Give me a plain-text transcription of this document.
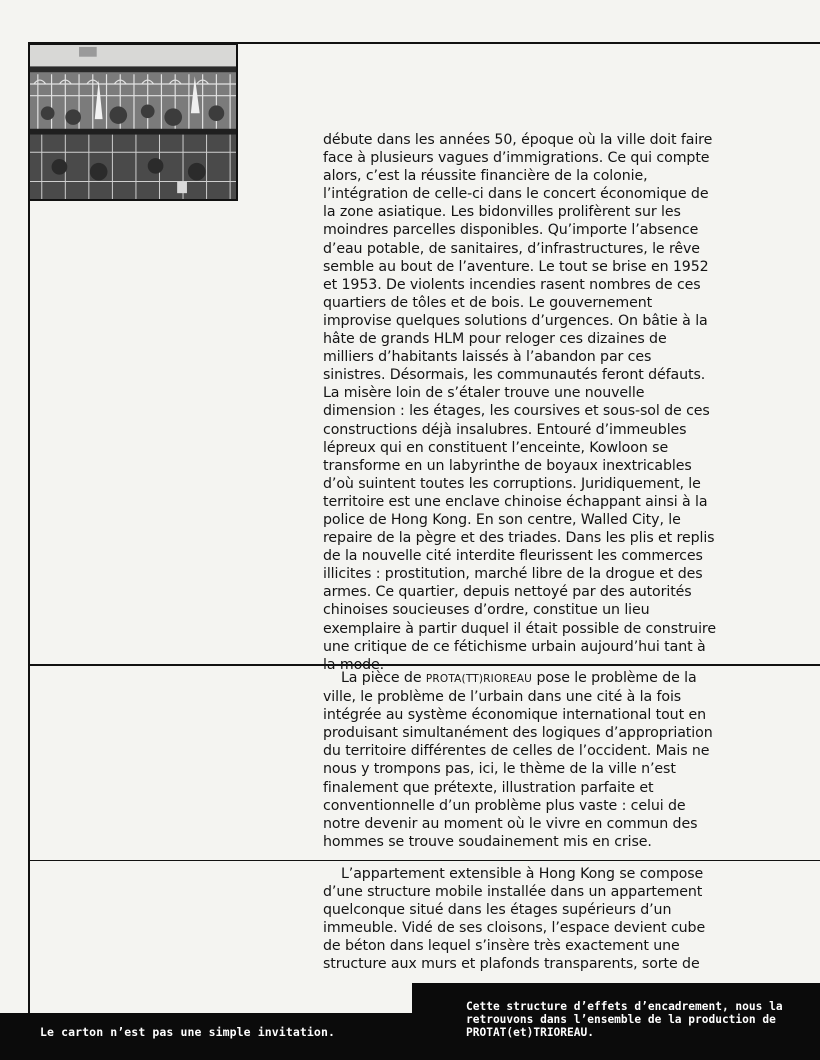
débute dans les années 50, époque où la ville doit faire face à plusieurs vagues d’immigrations. Ce qui compte alors, c’est la réussite financière de la colonie, l’intégration de celle-ci dans le concert économique de la zone asiatique. Les bidonvilles prolifèrent sur les moindres parcelles disponibles. Qu’importe l’absence d’eau potable, de sanitaires, d’infrastructures, le rêve semble au bout de l’aventure. Le tout se brise en 1952 et 1953. De violents incendies rasent nombres de ces quartiers de tôles et de bois. Le gouvernement improvise quelques solutions d’urgences. On bâtie à la hâte de grands HLM pour reloger ces dizaines de milliers d’habitants laissés à l’abandon par ces sinistres. Désormais, les communautés feront défauts. La misère loin de s’étaler trouve une nouvelle dimension : les étages, les coursives et sous-sol de ces constructions déjà insalubres. Entouré d’immeubles lépreux qui en constituent l’enceinte, Kowloon se transforme en un labyrinthe de boyaux inextricables d’où suintent toutes les corruptions. Juridiquement, le territoire est une enclave chinoise échappant ainsi à la police de Hong Kong. En son centre, Walled City, le repaire de la pègre et des triades. Dans les plis et replis de la nouvelle cité interdite fleurissent les commerces illicites : prostitution, marché libre de la drogue et des armes. Ce quartier, depuis nettoyé par des autorités chinoises soucieuses d’ordre, constitue un lieu exemplaire à partir duquel il était possible de construire une critique de ce fétichisme urbain aujourd’hui tant à la mode.

La pièce de PROTA(TT)RIOREAU pose le problème de la ville, le problème de l’urbain dans une cité à la fois intégrée au système économique international tout en produisant simultanément des logiques d’appropriation du territoire différentes de celles de l’occident. Mais ne nous y trompons pas, ici, le thème de la ville n’est finalement que prétexte, illustration parfaite et conventionnelle d’un problème plus vaste : celui de notre devenir au moment où le vivre en commun des hommes se trouve soudainement mis en crise.

L’appartement extensible à Hong Kong se compose d’une structure mobile installée dans un appartement quelconque situé dans les étages supérieurs d’un immeuble. Vidé de ses cloisons, l’espace devient cube de béton dans lequel s’insère très exactement une structure aux murs et plafonds transparents, sorte de

Le carton n’est pas une simple invitation.
Cette structure d’effets d’encadrement, nous la retrouvons dans l’ensemble de la production de PROTAT(et)TRIOREAU.
